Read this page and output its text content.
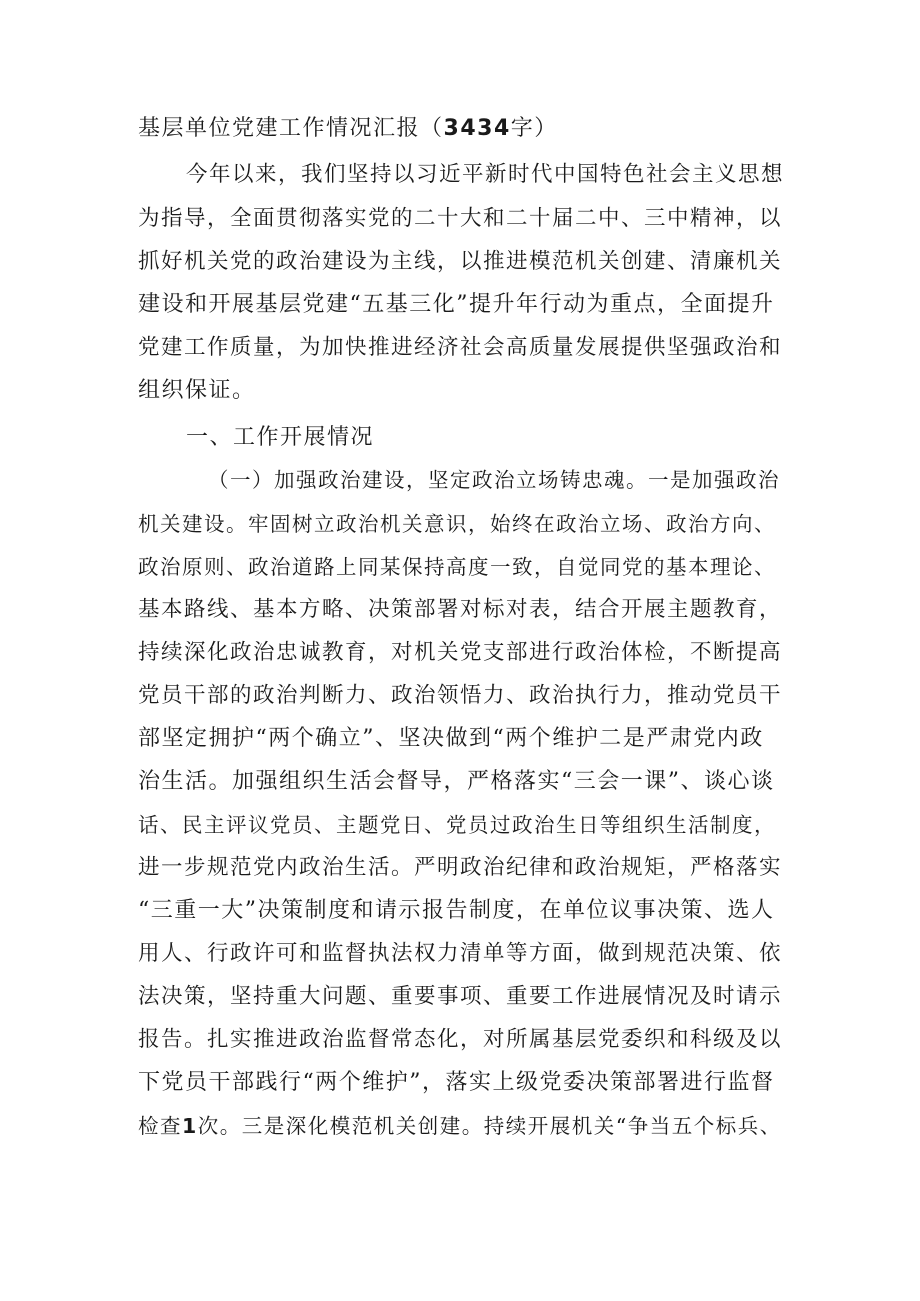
基层单位党建工作情况汇报（3434字）
今年以来，我们坚持以习近平新时代中国特色社会主义思想
为指导，全面贯彻落实党的二十大和二十届二中、三中精神，以
抓好机关党的政治建设为主线，以推进模范机关创建、清廉机关
建设和开展基层党建“五基三化”提升年行动为重点，全面提升
党建工作质量，为加快推进经济社会高质量发展提供坚强政治和
组织保证。
一、工作开展情况
（一）加强政治建设，坚定政治立场铸忠魂。一是加强政治
机关建设。牢固树立政治机关意识，始终在政治立场、政治方向、
政治原则、政治道路上同某保持高度一致，自觉同党的基本理论、
基本路线、基本方略、决策部署对标对表，结合开展主题教育，
持续深化政治忠诚教育，对机关党支部进行政治体检，不断提高
党员干部的政治判断力、政治领悟力、政治执行力，推动党员干
部坚定拥护“两个确立”、坚决做到“两个维护二是严肃党内政
治生活。加强组织生活会督导，严格落实“三会一课”、谈心谈
话、民主评议党员、主题党日、党员过政治生日等组织生活制度，
进一步规范党内政治生活。严明政治纪律和政治规矩，严格落实
“三重一大”决策制度和请示报告制度，在单位议事决策、选人
用人、行政许可和监督执法权力清单等方面，做到规范决策、依
法决策，坚持重大问题、重要事项、重要工作进展情况及时请示
报告。扎实推进政治监督常态化，对所属基层党委织和科级及以
下党员干部践行“两个维护”，落实上级党委决策部署进行监督
检查1次。三是深化模范机关创建。持续开展机关“争当五个标兵、
